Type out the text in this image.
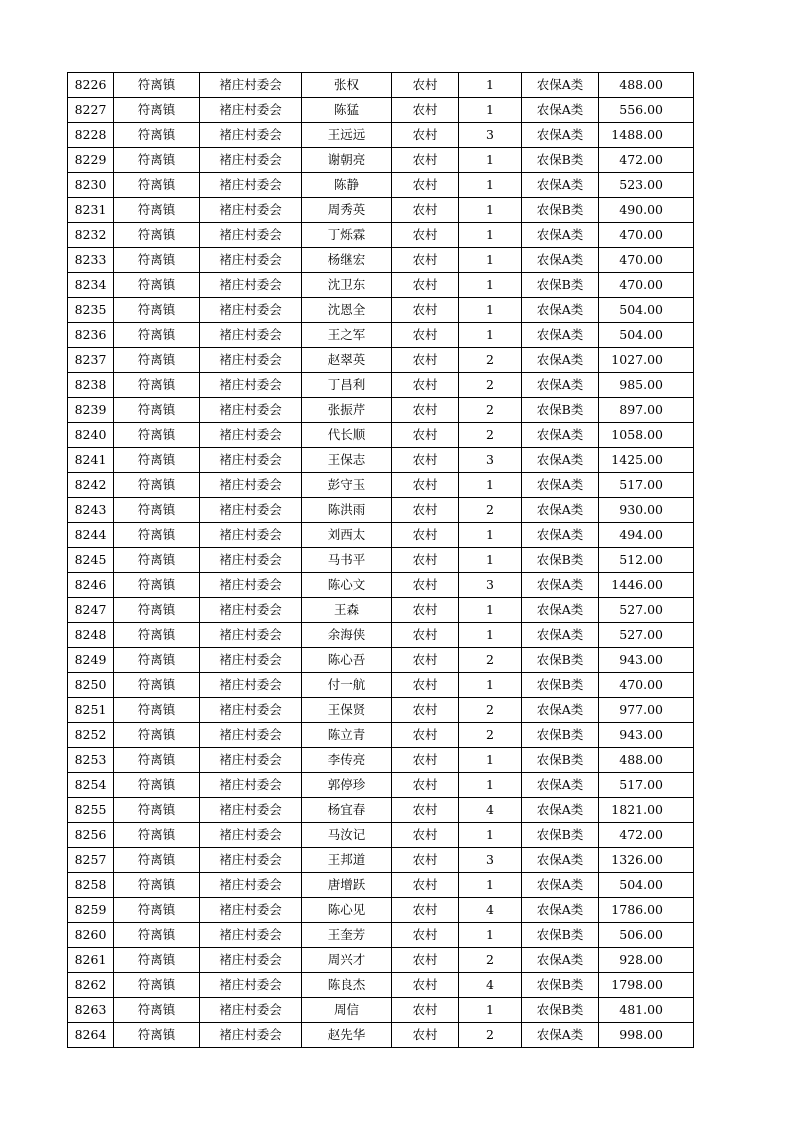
8226	符离镇	褚庄村委会	张权	农村	1	农保A类	488.00
8227	符离镇	褚庄村委会	陈猛	农村	1	农保A类	556.00
8228	符离镇	褚庄村委会	王远远	农村	3	农保A类	1488.00
8229	符离镇	褚庄村委会	谢朝亮	农村	1	农保B类	472.00
8230	符离镇	褚庄村委会	陈静	农村	1	农保A类	523.00
8231	符离镇	褚庄村委会	周秀英	农村	1	农保B类	490.00
8232	符离镇	褚庄村委会	丁烁霖	农村	1	农保A类	470.00
8233	符离镇	褚庄村委会	杨继宏	农村	1	农保A类	470.00
8234	符离镇	褚庄村委会	沈卫东	农村	1	农保B类	470.00
8235	符离镇	褚庄村委会	沈恩全	农村	1	农保A类	504.00
8236	符离镇	褚庄村委会	王之军	农村	1	农保A类	504.00
8237	符离镇	褚庄村委会	赵翠英	农村	2	农保A类	1027.00
8238	符离镇	褚庄村委会	丁昌利	农村	2	农保A类	985.00
8239	符离镇	褚庄村委会	张振芹	农村	2	农保B类	897.00
8240	符离镇	褚庄村委会	代长顺	农村	2	农保A类	1058.00
8241	符离镇	褚庄村委会	王保志	农村	3	农保A类	1425.00
8242	符离镇	褚庄村委会	彭守玉	农村	1	农保A类	517.00
8243	符离镇	褚庄村委会	陈洪雨	农村	2	农保A类	930.00
8244	符离镇	褚庄村委会	刘西太	农村	1	农保A类	494.00
8245	符离镇	褚庄村委会	马书平	农村	1	农保B类	512.00
8246	符离镇	褚庄村委会	陈心文	农村	3	农保A类	1446.00
8247	符离镇	褚庄村委会	王森	农村	1	农保A类	527.00
8248	符离镇	褚庄村委会	余海侠	农村	1	农保A类	527.00
8249	符离镇	褚庄村委会	陈心吾	农村	2	农保B类	943.00
8250	符离镇	褚庄村委会	付一航	农村	1	农保B类	470.00
8251	符离镇	褚庄村委会	王保贤	农村	2	农保A类	977.00
8252	符离镇	褚庄村委会	陈立青	农村	2	农保B类	943.00
8253	符离镇	褚庄村委会	李传亮	农村	1	农保B类	488.00
8254	符离镇	褚庄村委会	郭停珍	农村	1	农保A类	517.00
8255	符离镇	褚庄村委会	杨宜春	农村	4	农保A类	1821.00
8256	符离镇	褚庄村委会	马汝记	农村	1	农保B类	472.00
8257	符离镇	褚庄村委会	王邦道	农村	3	农保A类	1326.00
8258	符离镇	褚庄村委会	唐增跃	农村	1	农保A类	504.00
8259	符离镇	褚庄村委会	陈心见	农村	4	农保A类	1786.00
8260	符离镇	褚庄村委会	王奎芳	农村	1	农保B类	506.00
8261	符离镇	褚庄村委会	周兴才	农村	2	农保A类	928.00
8262	符离镇	褚庄村委会	陈良杰	农村	4	农保B类	1798.00
8263	符离镇	褚庄村委会	周信	农村	1	农保B类	481.00
8264	符离镇	褚庄村委会	赵先华	农村	2	农保A类	998.00
